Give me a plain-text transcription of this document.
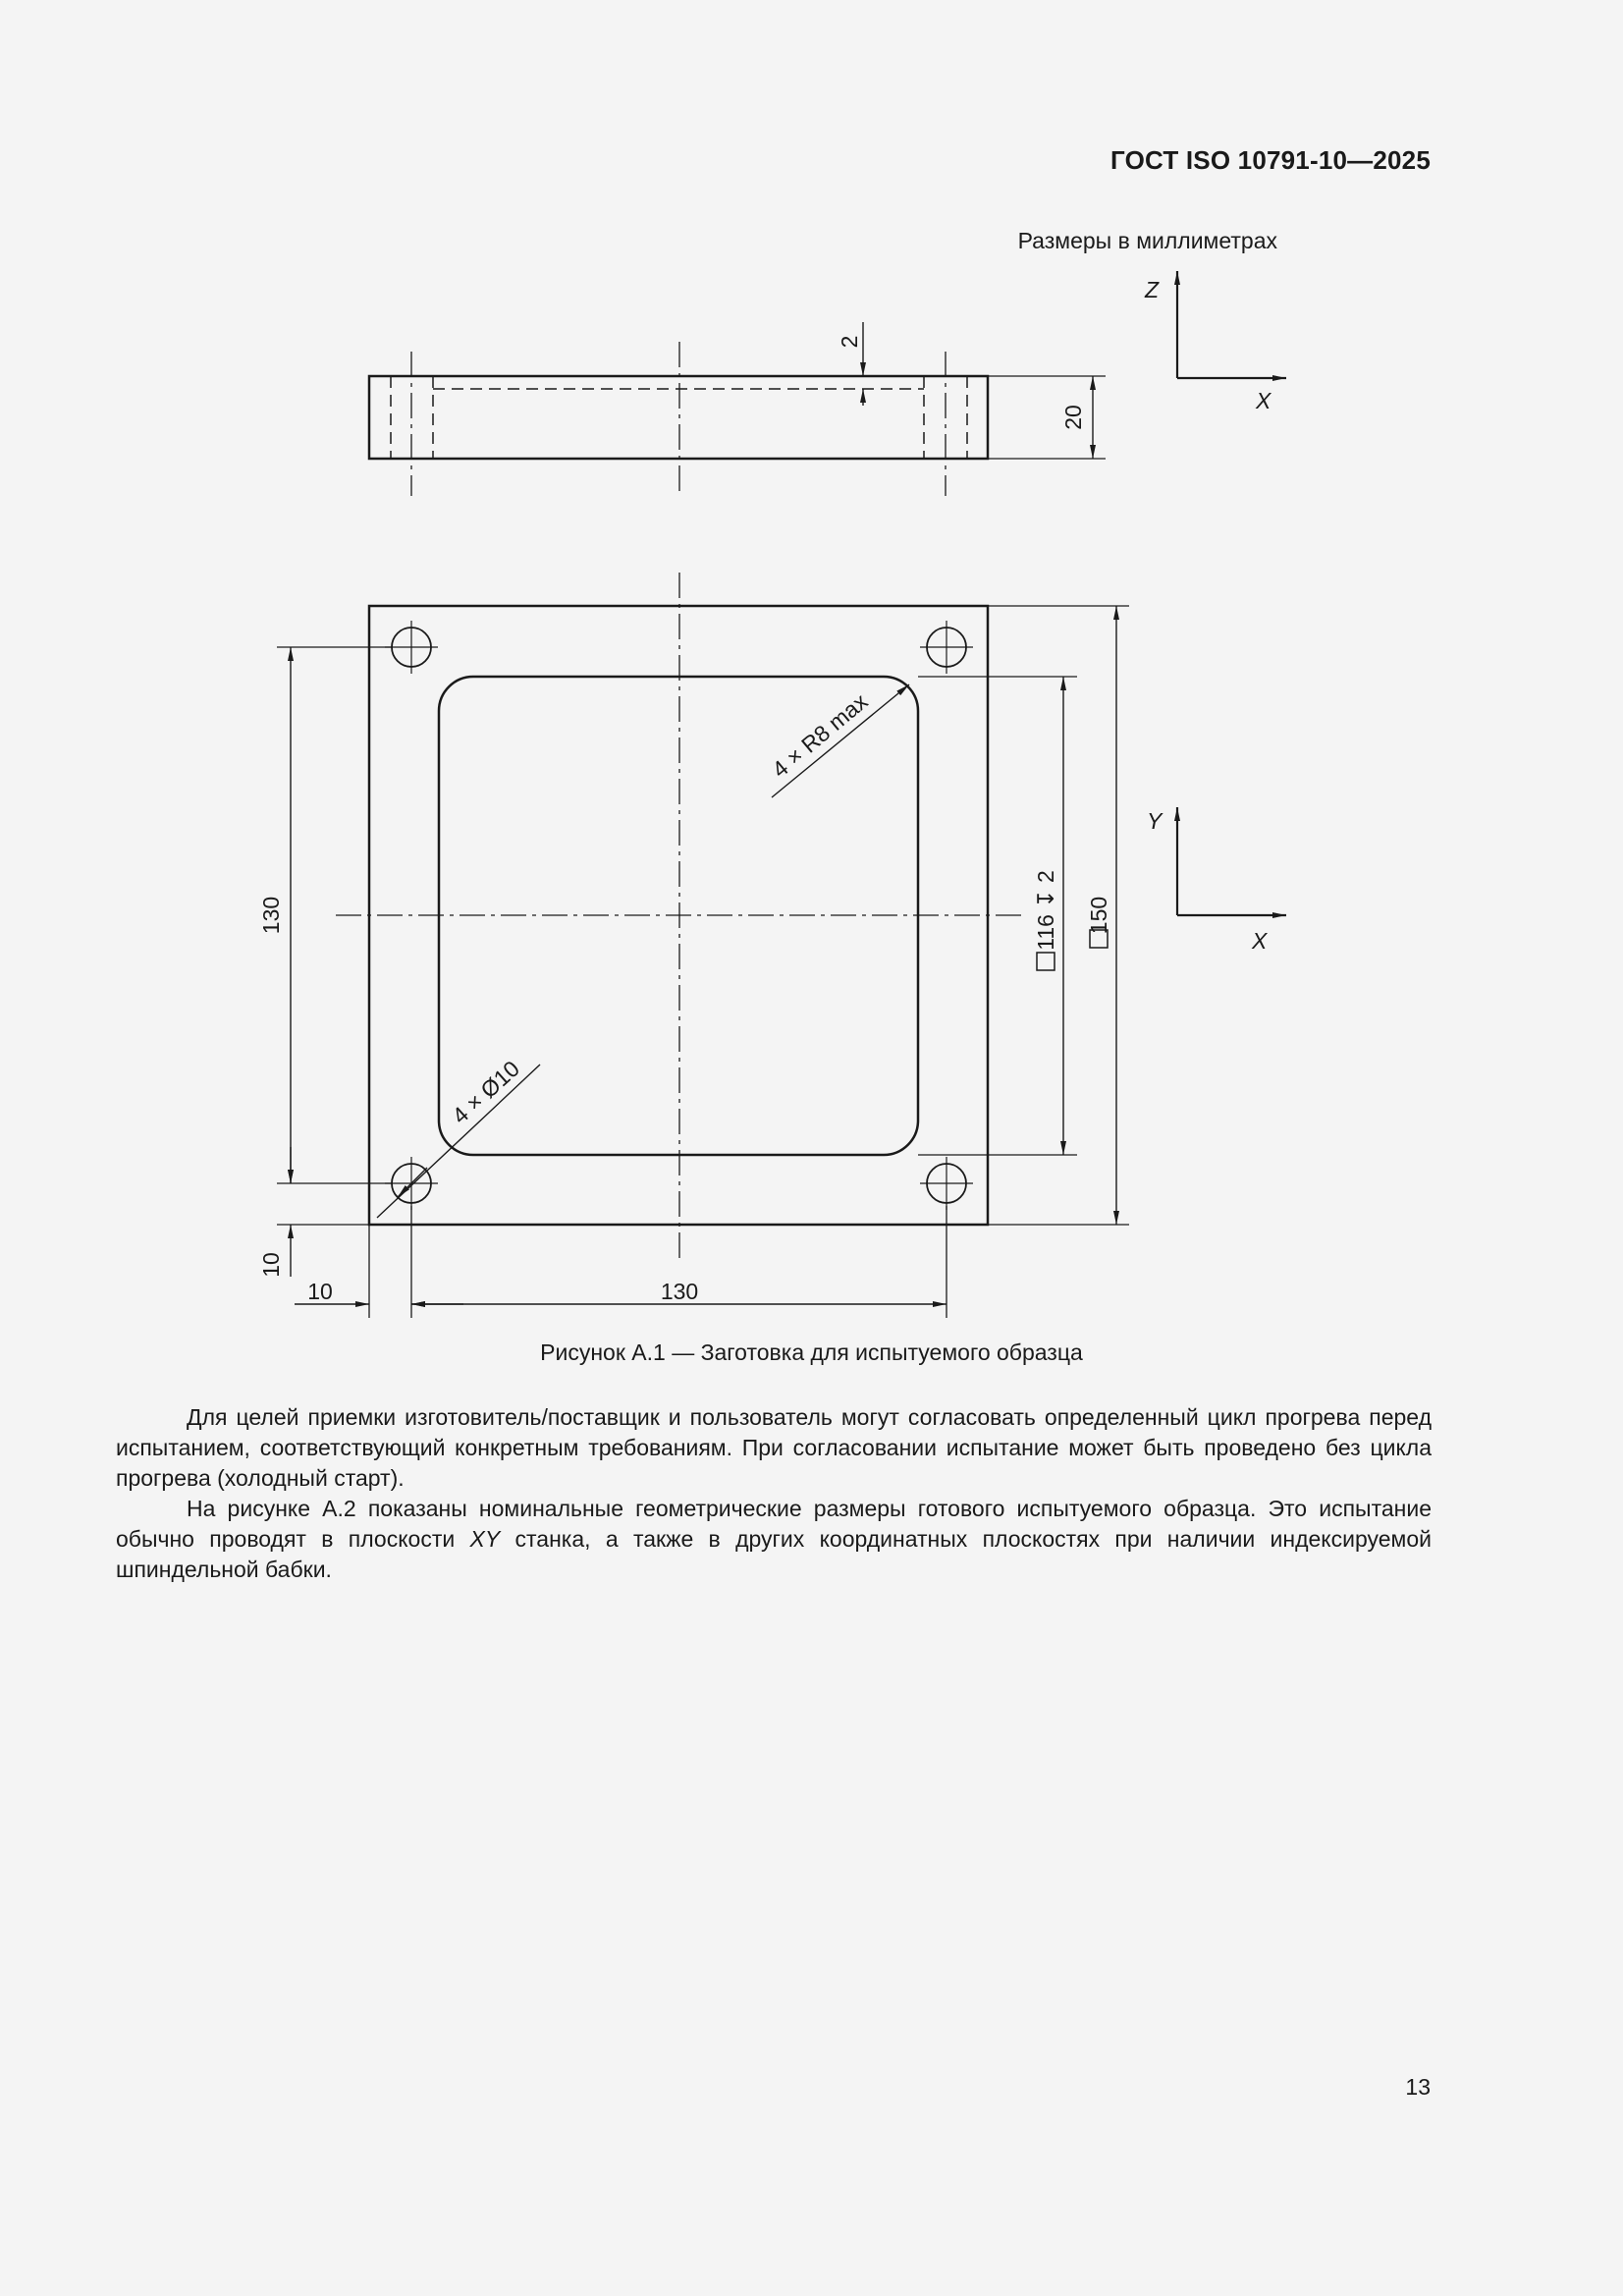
ГОСТ ISO 10791-10—2025
Размеры в миллиметрах
2
20
Z
X
4 × R8 max
4 × Ø10
116 ↧ 2 150
130
10
10	130
Y
X
Рисунок А.1 — Заготовка для испытуемого образца

Для целей приемки изготовитель/поставщик и пользователь могут согласовать определенный цикл прогрева перед испытанием, соответствующий конкретным требованиям. При согласовании испытание может быть проведено без цикла прогрева (холодный старт).

На рисунке А.2 показаны номинальные геометрические размеры готового испытуемого образца. Это испытание обычно проводят в плоскости XY станка, а также в других координатных плоскостях при наличии индексируемой шпиндельной бабки.

13
